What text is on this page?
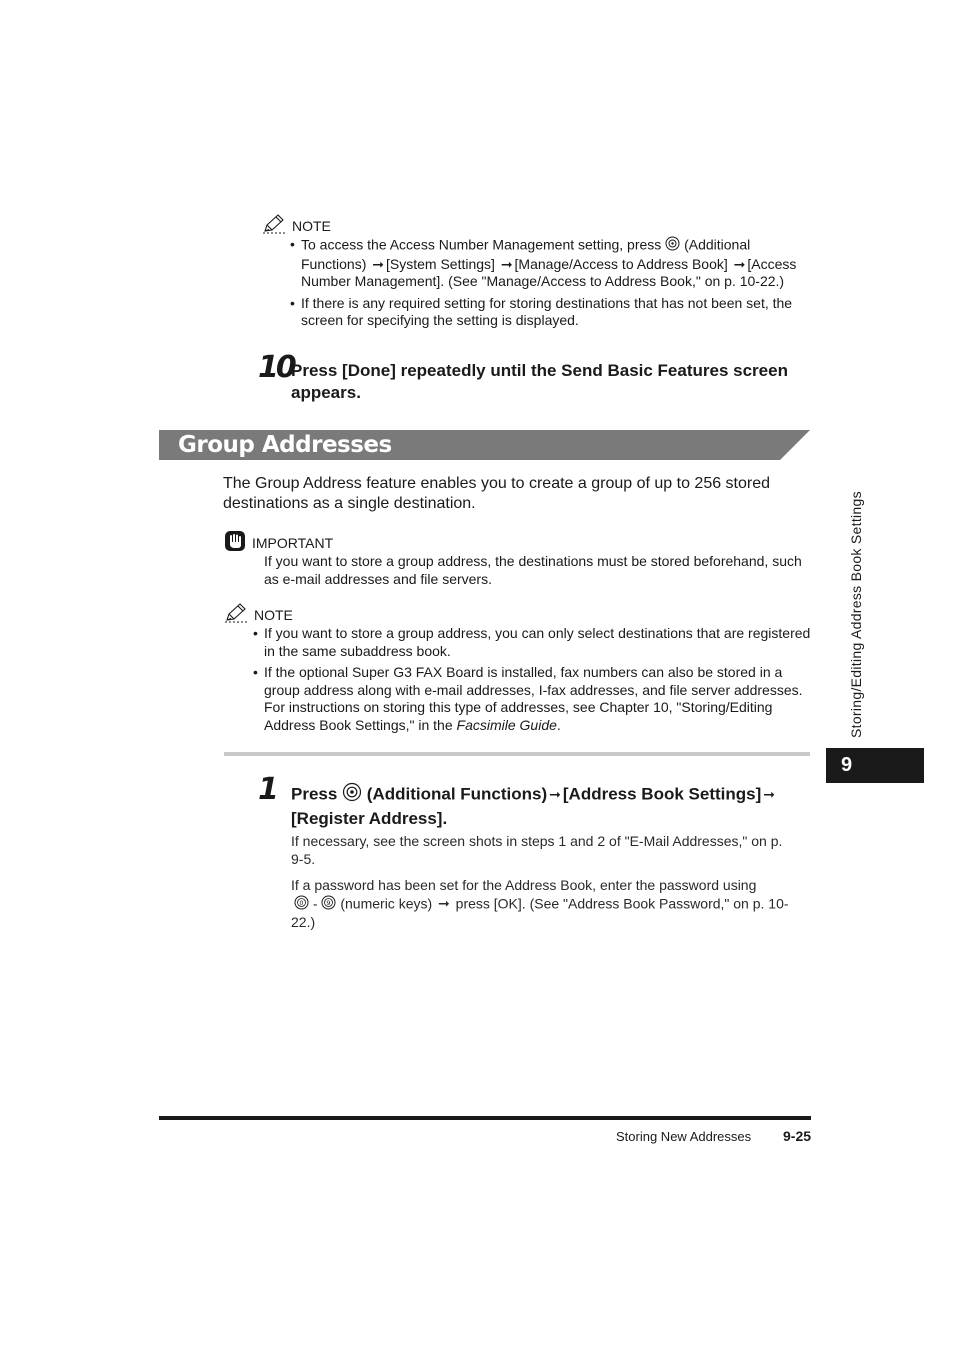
NOTE
• To access the Access Number Management setting, press (Additional Functions) ➞ [System Settings] ➞ [Manage/Access to Address Book] ➞ [Access Number Management]. (See "Manage/Access to Address Book," on p. 10-22.)
• If there is any required setting for storing destinations that has not been set, the screen for specifying the setting is displayed.
10
Press [Done] repeatedly until the Send Basic Features screen appears.
Group Addresses
The Group Address feature enables you to create a group of up to 256 stored destinations as a single destination.
IMPORTANT
If you want to store a group address, the destinations must be stored beforehand, such as e-mail addresses and file servers.
NOTE
• If you want to store a group address, you can only select destinations that are registered in the same subaddress book.
• If the optional Super G3 FAX Board is installed, fax numbers can also be stored in a group address along with e-mail addresses, I-fax addresses, and file server addresses. For instructions on storing this type of addresses, see Chapter 10, "Storing/Editing Address Book Settings," in the Facsimile Guide.
1 Press (Additional Functions) ➞ [Address Book Settings] ➞ [Register Address].
If necessary, see the screen shots in steps 1 and 2 of "E-Mail Addresses," on p. 9-5.
If a password has been set for the Address Book, enter the password using

0 - 9 (numeric keys) ➞ press [OK]. (See "Address Book Password," on p. 10-22.)
Storing/Editing Address Book Settings
9
Storing New Addresses 9-25
